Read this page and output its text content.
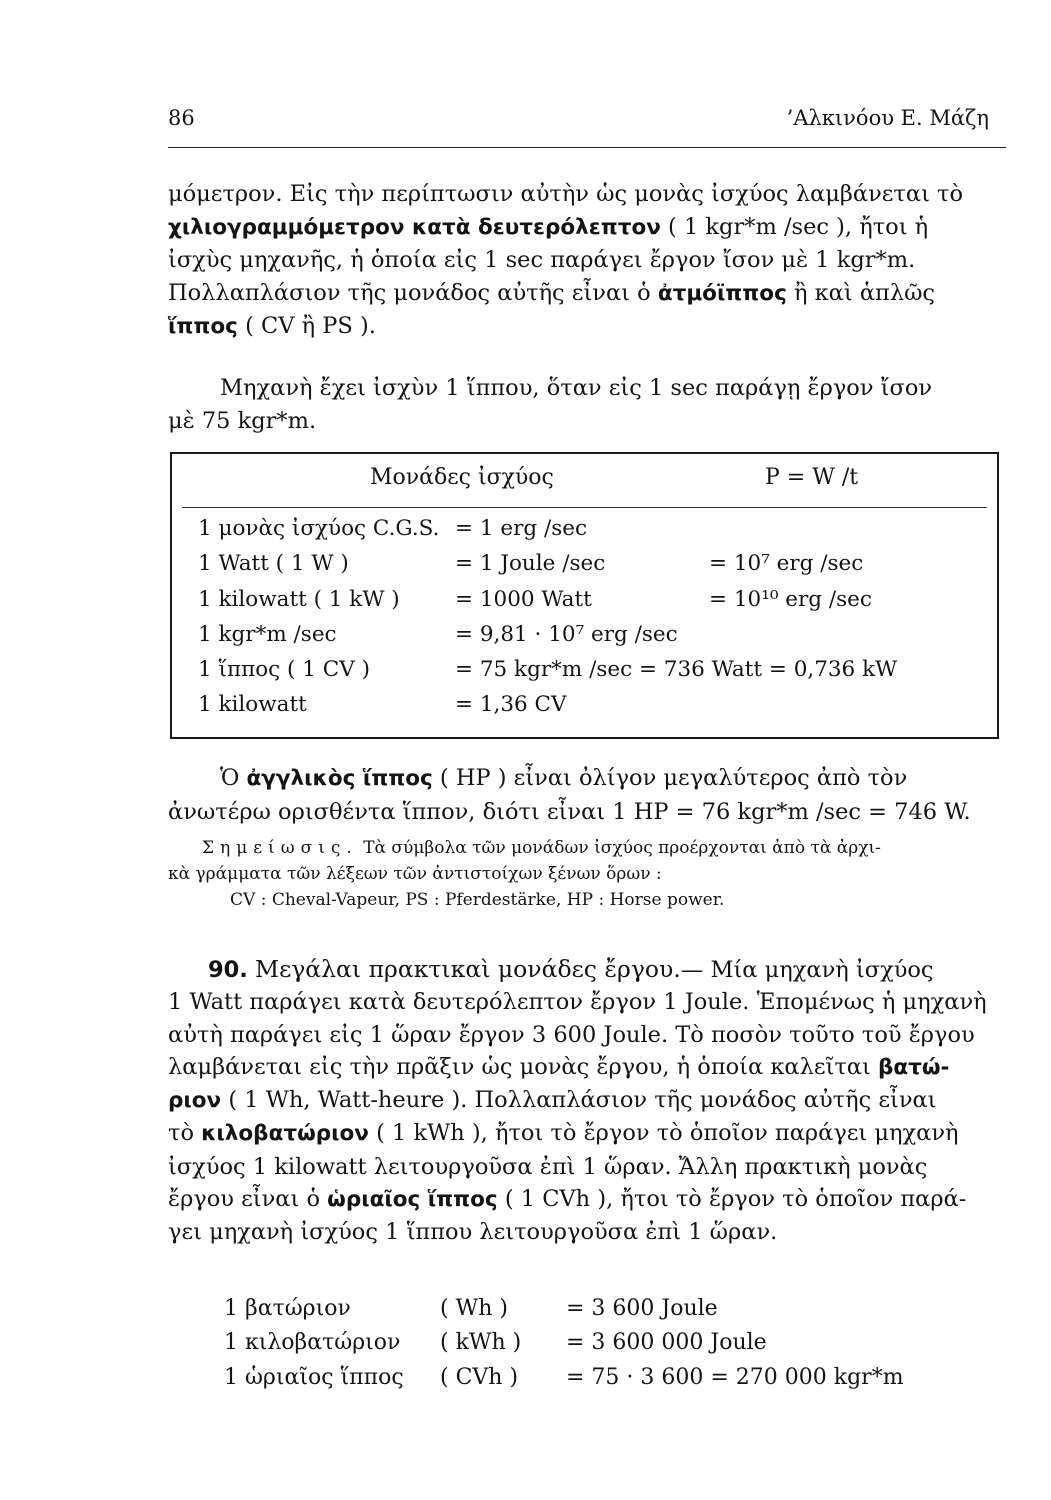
86	’Αλκινόου Ε. Μάζη
μόμετρον. Εἰς τὴν περίπτωσιν αὐτὴν ὡς μονὰς ἰσχύος λαμβάνεται τὸ
χιλιογραμμόμετρον κατὰ δευτερόλεπτον ( 1 kgr*m /sec ), ἤτοι ἡ
ἰσχὺς μηχανῆς, ἡ ὁποία εἰς 1 sec παράγει ἔργον ἴσον μὲ 1 kgr*m.
Πολλαπλάσιον τῆς μονάδος αὐτῆς εἶναι ὁ ἀτμόϊππος ἢ καὶ ἁπλῶς
ἵππος ( CV ἢ PS ).
Μηχανὴ ἔχει ἰσχὺν 1 ἵππου, ὅταν εἰς 1 sec παράγῃ ἔργον ἴσον
μὲ 75 kgr*m.
Μονάδες ἰσχύος	P = W /t
1 μονὰς ἰσχύος C.G.S. = 1 erg /sec
1 Watt ( 1 W )	= 1 Joule /sec	= 10⁷ erg /sec
1 kilowatt ( 1 kW )	= 1000 Watt	= 10¹⁰ erg /sec
1 kgr*m /sec	= 9,81 · 10⁷ erg /sec
1 ἵππος ( 1 CV )	= 75 kgr*m /sec = 736 Watt = 0,736 kW
1 kilowatt	= 1,36 CV
Ὁ ἀγγλικὸς ἵππος ( HP ) εἶναι ὀλίγον μεγαλύτερος ἀπὸ τὸν
ἀνωτέρω ορισθέντα ἵππον, διότι εἶναι 1 HP = 76 kgr*m /sec = 746 W.
Σημείωσις. Τὰ σύμβολα τῶν μονάδων ἰσχύος προέρχονται ἀπὸ τὰ ἀρχι-
κὰ γράμματα τῶν λέξεων τῶν ἀντιστοίχων ξένων ὅρων :
CV : Cheval-Vapeur, PS : Pferdestärke, HP : Horse power.
90. Μεγάλαι πρακτικαὶ μονάδες ἔργου.— Μία μηχανὴ ἰσχύος
1 Watt παράγει κατὰ δευτερόλεπτον ἔργον 1 Joule. Ἑπομένως ἡ μηχανὴ
αὐτὴ παράγει εἰς 1 ὥραν ἔργον 3 600 Joule. Τὸ ποσὸν τοῦτο τοῦ ἔργου
λαμβάνεται εἰς τὴν πρᾶξιν ὡς μονὰς ἔργου, ἡ ὁποία καλεῖται βατώ-
ριον ( 1 Wh, Watt-heure ). Πολλαπλάσιον τῆς μονάδος αὐτῆς εἶναι
τὸ κιλοβατώριον ( 1 kWh ), ἤτοι τὸ ἔργον τὸ ὁποῖον παράγει μηχανὴ
ἰσχύος 1 kilowatt λειτουργοῦσα ἐπὶ 1 ὥραν. Ἄλλη πρακτικὴ μονὰς
ἔργου εἶναι ὁ ὡριαῖος ἵππος ( 1 CVh ), ἤτοι τὸ ἔργον τὸ ὁποῖον παρά-
γει μηχανὴ ἰσχύος 1 ἵππου λειτουργοῦσα ἐπὶ 1 ὥραν.
1 βατώριον	( Wh )	= 3 600 Joule
1 κιλοβατώριον ( kWh ) = 3 600 000 Joule
1 ὡριαῖος ἵππος ( CVh ) = 75 · 3 600 = 270 000 kgr*m
